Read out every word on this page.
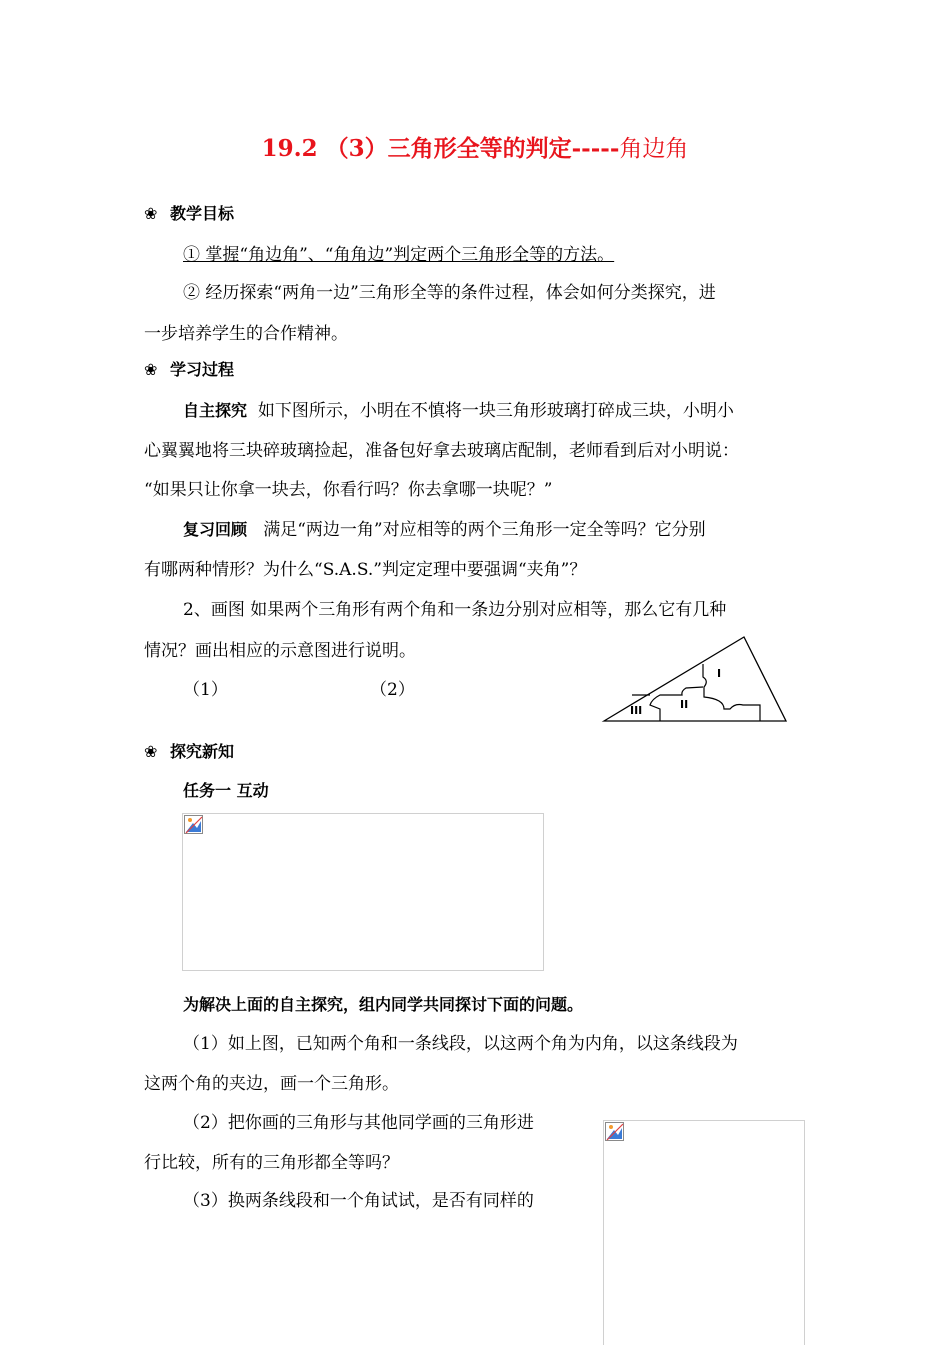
19.2 （3）三角形全等的判定-----角边角
❀ 教学目标
① 掌握“角边角”、“角角边”判定两个三角形全等的方法。
② 经历探索“两角一边”三角形全等的条件过程，体会如何分类探究，进
一步培养学生的合作精神。
❀ 学习过程
自主探究 如下图所示，小明在不慎将一块三角形玻璃打碎成三块，小明小
心翼翼地将三块碎玻璃捡起，准备包好拿去玻璃店配制，老师看到后对小明说：
“如果只让你拿一块去，你看行吗？你去拿哪一块呢？”
复习回顾 满足“两边一角”对应相等的两个三角形一定全等吗？它分别
有哪两种情形？为什么“S.A.S.”判定定理中要强调“夹角”？
2、画图 如果两个三角形有两个角和一条边分别对应相等，那么它有几种
情况？画出相应的示意图进行说明。
（1）	（2）
I
II
III
❀ 探究新知
任务一 互动
为解决上面的自主探究，组内同学共同探讨下面的问题。
（1）如上图，已知两个角和一条线段，以这两个角为内角，以这条线段为
这两个角的夹边，画一个三角形。
（2）把你画的三角形与其他同学画的三角形进
行比较，所有的三角形都全等吗？
（3）换两条线段和一个角试试，是否有同样的
